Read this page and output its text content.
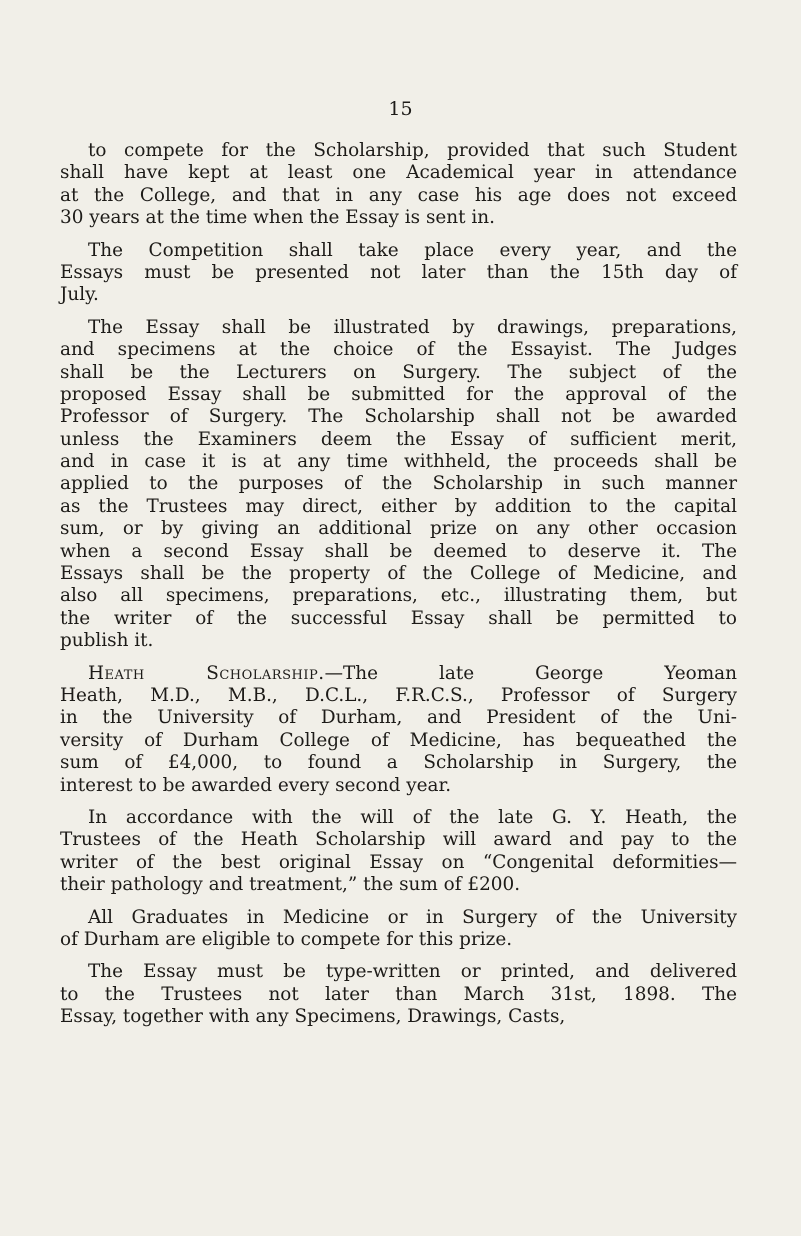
15
to compete for the Scholarship, provided that such Student
shall have kept at least one Academical year in attendance
at the College, and that in any case his age does not exceed
30 years at the time when the Essay is sent in.
The Competition shall take place every year, and the
Essays must be presented not later than the 15th day of
July.
The Essay shall be illustrated by drawings, preparations,
and specimens at the choice of the Essayist. The Judges
shall be the Lecturers on Surgery. The subject of the
proposed Essay shall be submitted for the approval of the
Professor of Surgery. The Scholarship shall not be awarded
unless the Examiners deem the Essay of sufficient merit,
and in case it is at any time withheld, the proceeds shall be
applied to the purposes of the Scholarship in such manner
as the Trustees may direct, either by addition to the capital
sum, or by giving an additional prize on any other occasion
when a second Essay shall be deemed to deserve it. The
Essays shall be the property of the College of Medicine, and
also all specimens, preparations, etc., illustrating them, but
the writer of the successful Essay shall be permitted to
publish it.
Heath Scholarship.—The late George Yeoman
Heath, M.D., M.B., D.C.L., F.R.C.S., Professor of Surgery
in the University of Durham, and President of the Uni-
versity of Durham College of Medicine, has bequeathed the
sum of £4,000, to found a Scholarship in Surgery, the
interest to be awarded every second year.
In accordance with the will of the late G. Y. Heath, the
Trustees of the Heath Scholarship will award and pay to the
writer of the best original Essay on “Congenital deformities—
their pathology and treatment,” the sum of £200.
All Graduates in Medicine or in Surgery of the University
of Durham are eligible to compete for this prize.
The Essay must be type-written or printed, and delivered
to the Trustees not later than March 31st, 1898. The
Essay, together with any Specimens, Drawings, Casts,
